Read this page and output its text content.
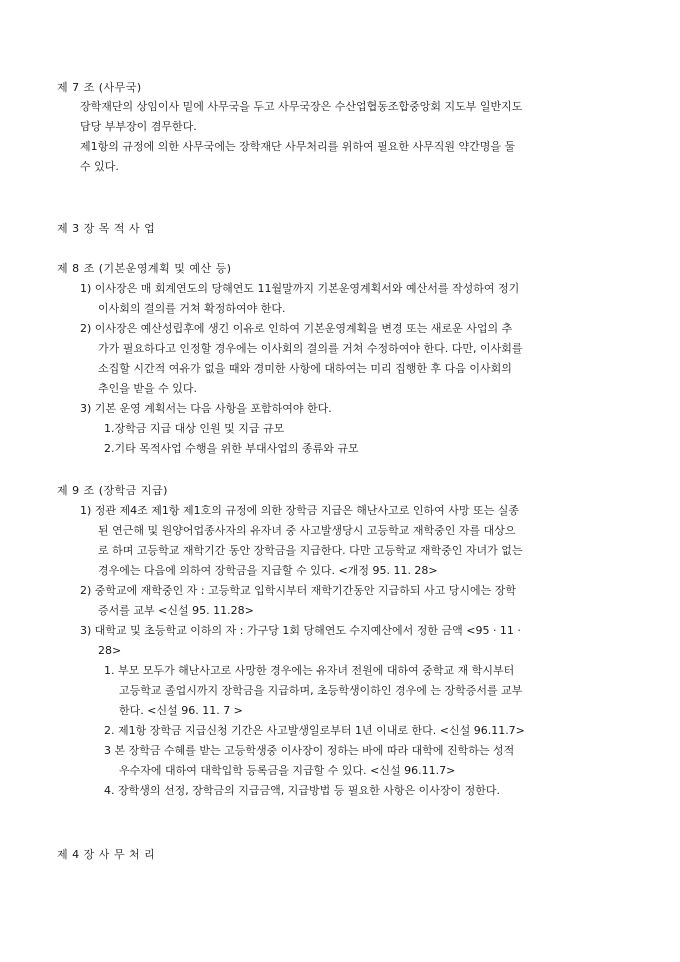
제 7 조 (사무국)
장학재단의 상임이사 밑에 사무국을 두고 사무국장은 수산업협동조합중앙회 지도부 일반지도
담당 부부장이 겸무한다.
제1항의 규정에 의한 사무국에는 장학재단 사무처리를 위하여 필요한 사무직원 약간명을 둘
수 있다.
제 3 장 목 적 사 업
제 8 조 (기본운영계획 및 예산 등)
1) 이사장은 매 회계연도의 당해연도 11월말까지 기본운영계획서와 예산서를 작성하여 정기
이사회의 결의를 거쳐 확정하여야 한다.
2) 이사장은 예산성립후에 생긴 이유로 인하여 기본운영계획을 변경 또는 새로운 사업의 추
가가 필요하다고 인정할 경우에는 이사회의 결의를 거쳐 수정하여야 한다. 다만, 이사회를
소집할 시간적 여유가 없을 때와 경미한 사항에 대하여는 미리 집행한 후 다음 이사회의
추인을 받을 수 있다.
3) 기본 운영 계획서는 다음 사항을 포함하여야 한다.
1.장학금 지급 대상 인원 및 지급 규모
2.기타 목적사업 수행을 위한 부대사업의 종류와 규모
제 9 조 (장학금 지급)
1) 정관 제4조 제1항 제1호의 규정에 의한 장학금 지급은 해난사고로 인하여 사망 또는 실종
된 연근해 및 원양어업종사자의 유자녀 중 사고발생당시 고등학교 재학중인 자를 대상으
로 하며 고등학교 재학기간 동안 장학금을 지급한다. 다만 고등학교 재학중인 자녀가 없는
경우에는 다음에 의하여 장학금을 지급할 수 있다. <개정 95. 11. 28>
2) 중학교에 재학중인 자 : 고등학교 입학시부터 재학기간동안 지급하되 사고 당시에는 장학
증서를 교부 <신설 95. 11.28>
3) 대학교 및 초등학교 이하의 자 : 가구당 1회 당해연도 수지예산에서 정한 금액 <95 · 11 ·
28>
1. 부모 모두가 해난사고로 사망한 경우에는 유자녀 전원에 대하여 중학교 재 학시부터
고등학교 졸업시까지 장학금을 지급하며, 초등학생이하인 경우에 는 장학증서를 교부
한다. <신설 96. 11. 7 >
2. 제1항 장학금 지급신청 기간은 사고발생일로부터 1년 이내로 한다. <신설 96.11.7>
3 본 장학금 수혜를 받는 고등학생중 이사장이 정하는 바에 따라 대학에 진학하는 성적
우수자에 대하여 대학입학 등록금을 지급할 수 있다. <신설 96.11.7>
4. 장학생의 선정, 장학금의 지급금액, 지급방법 등 필요한 사항은 이사장이 정한다.
제 4 장 사 무 처 리
